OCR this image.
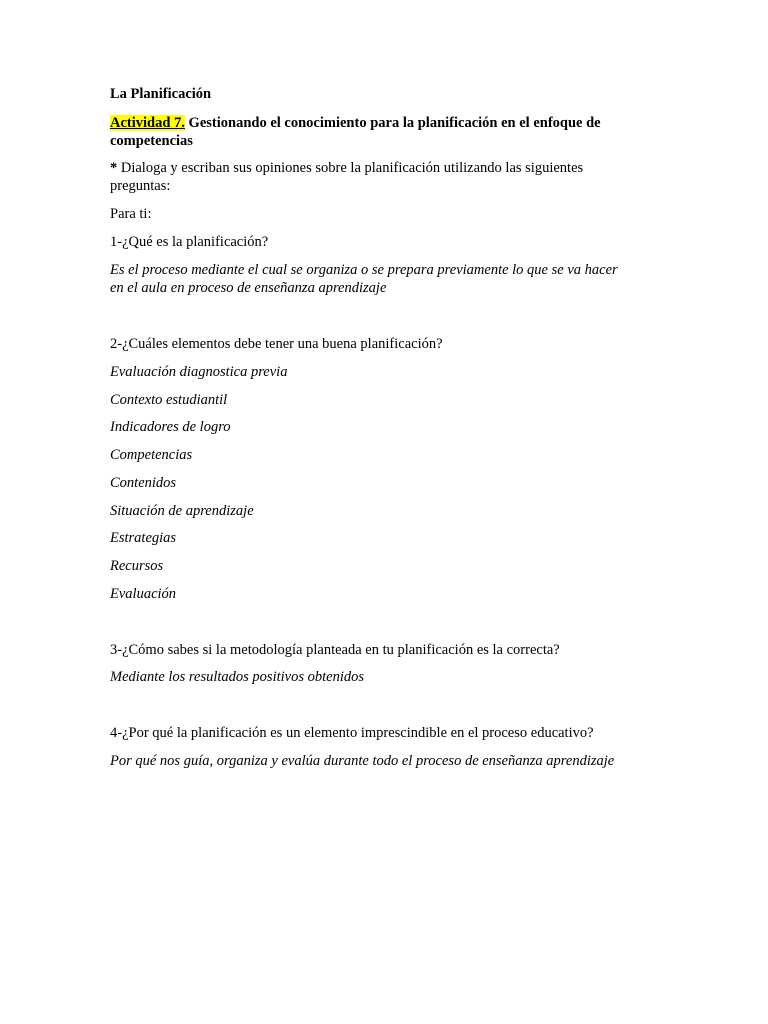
La Planificación
Actividad 7. Gestionando el conocimiento para la planificación en el enfoque de
competencias
* Dialoga y escriban sus opiniones sobre la planificación utilizando las siguientes
preguntas:
Para ti:
1-¿Qué es la planificación?
Es el proceso mediante el cual se organiza o se prepara previamente lo que se va hacer
en el aula en proceso de enseñanza aprendizaje
2-¿Cuáles elementos debe tener una buena planificación?
Evaluación diagnostica previa
Contexto estudiantil
Indicadores de logro
Competencias
Contenidos
Situación de aprendizaje
Estrategias
Recursos
Evaluación
3-¿Cómo sabes si la metodología planteada en tu planificación es la correcta?
Mediante los resultados positivos obtenidos
4-¿Por qué la planificación es un elemento imprescindible en el proceso educativo?
Por qué nos guía, organiza y evalúa durante todo el proceso de enseñanza aprendizaje
